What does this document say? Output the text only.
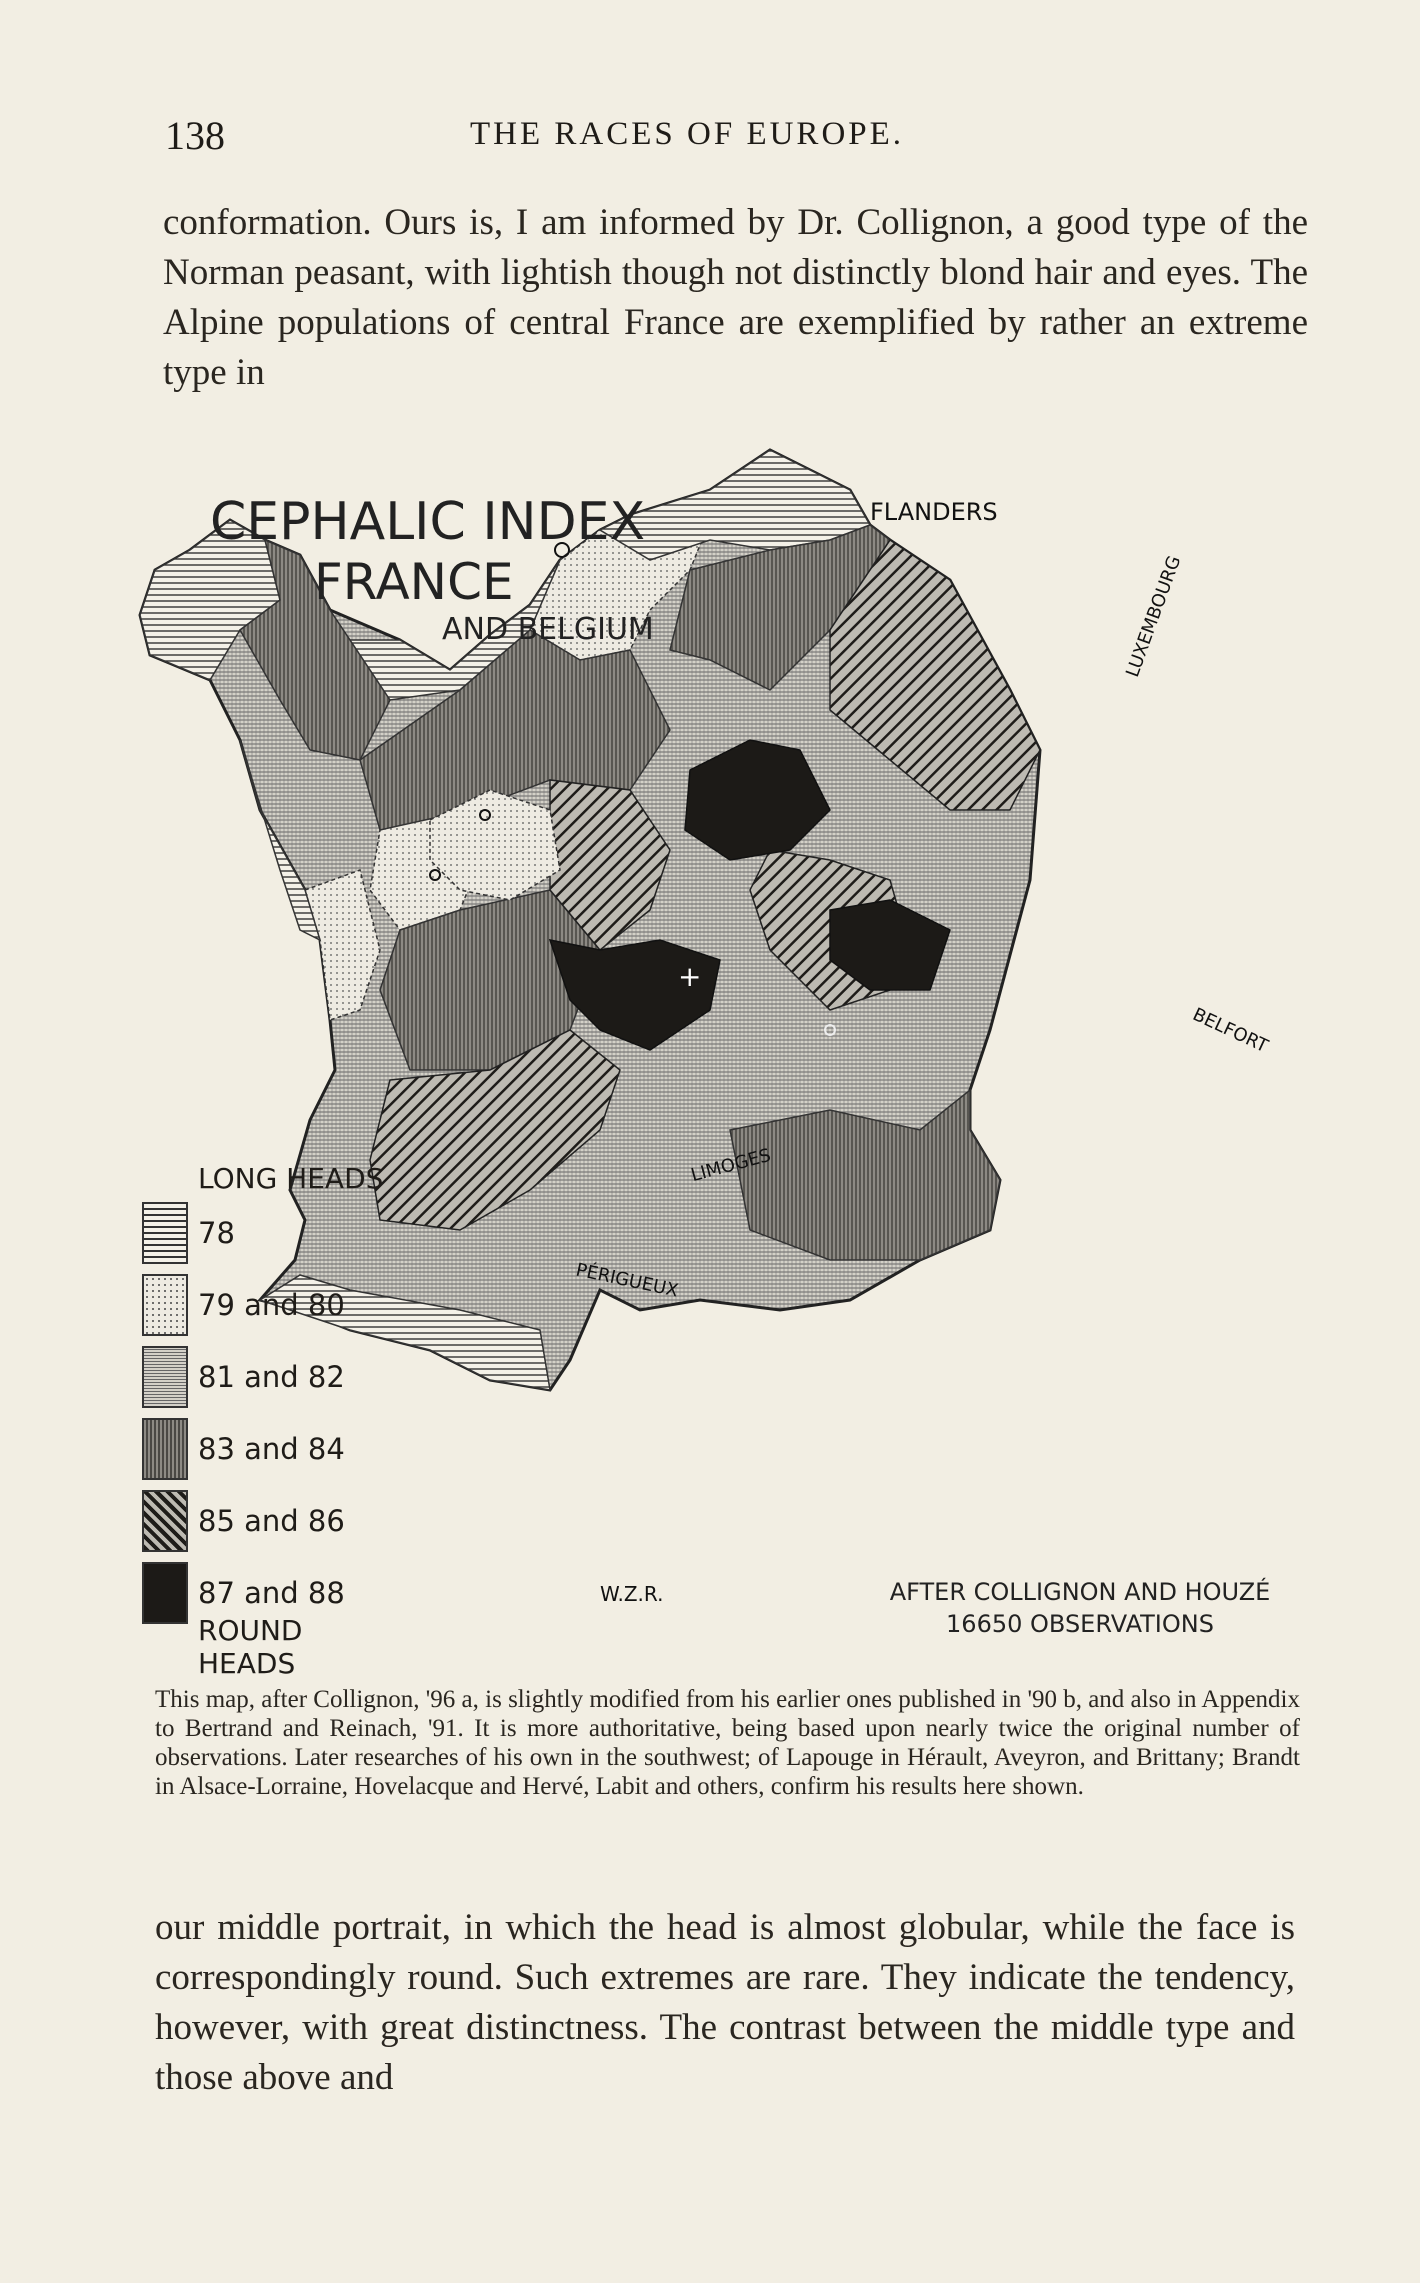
138	THE RACES OF EUROPE.

conformation. Ours is, I am informed by Dr. Collignon, a good type of the Norman peasant, with lightish though not distinctly blond hair and eyes. The Alpine populations of central France are exemplified by rather an extreme type in

+
CEPHALIC INDEX
FRANCE
AND BELGIUM
FLANDERS
LUXEMBOURG
BELFORT
LIMOGES
PÉRIGUEUX
W.Z.R.
LONG HEADS
78
79 and 80
81 and 82
83 and 84
85 and 86
87 and 88
ROUND HEADS
AFTER COLLIGNON AND HOUZÉ
16650 OBSERVATIONS

This map, after Collignon, '96 a, is slightly modified from his earlier ones published in '90 b, and also in Appendix to Bertrand and Reinach, '91. It is more authoritative, being based upon nearly twice the original number of observations. Later researches of his own in the southwest; of Lapouge in Hérault, Aveyron, and Brittany; Brandt in Alsace-Lorraine, Hovelacque and Hervé, Labit and others, confirm his results here shown.

our middle portrait, in which the head is almost globular, while the face is correspondingly round. Such extremes are rare. They indicate the tendency, however, with great distinctness. The contrast between the middle type and those above and
